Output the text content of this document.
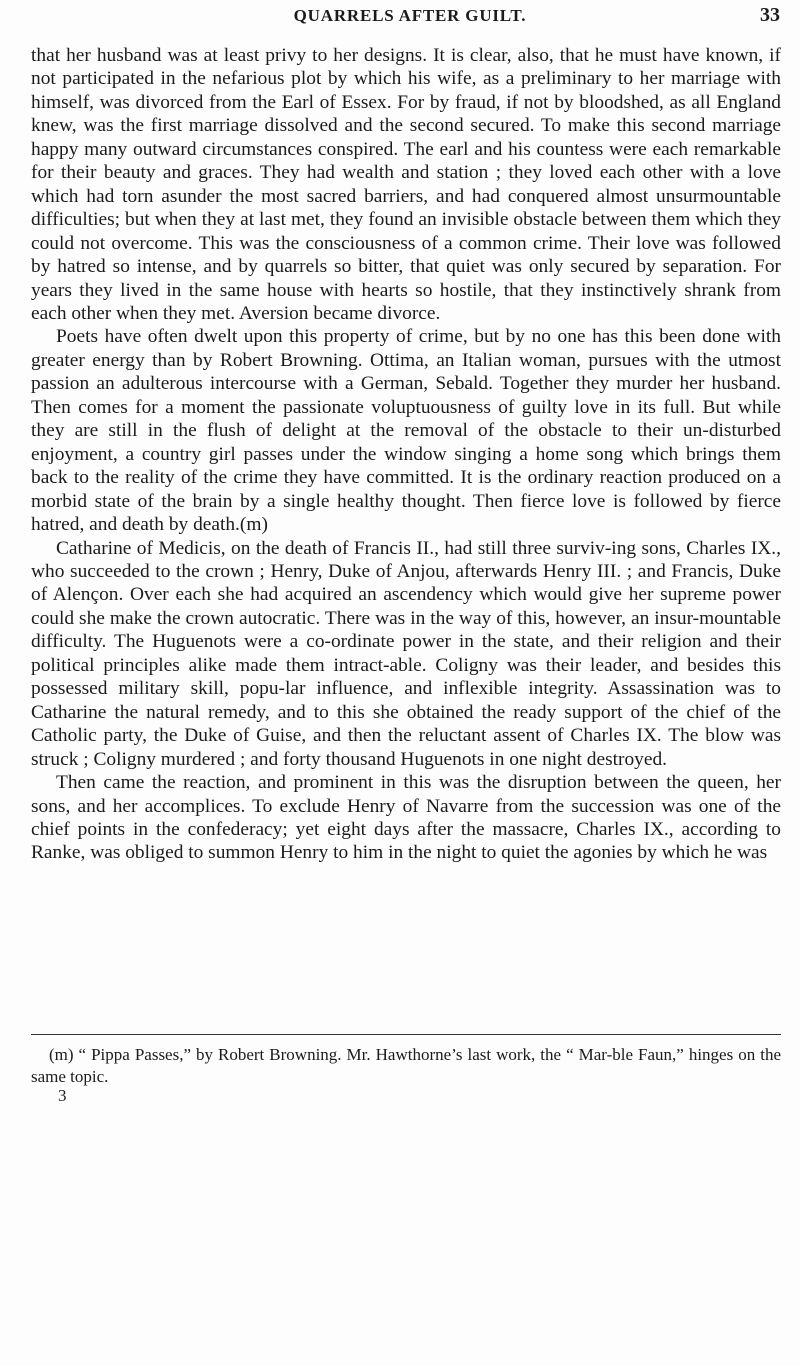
QUARRELS AFTER GUILT.	33

that her husband was at least privy to her designs. It is clear, also, that he must have known, if not participated in the nefarious plot by which his wife, as a preliminary to her marriage with himself, was divorced from the Earl of Essex. For by fraud, if not by bloodshed, as all England knew, was the first marriage dissolved and the second secured. To make this second marriage happy many outward circumstances conspired. The earl and his countess were each remarkable for their beauty and graces. They had wealth and station ; they loved each other with a love which had torn asunder the most sacred barriers, and had conquered almost unsurmountable difficulties; but when they at last met, they found an invisible obstacle between them which they could not overcome. This was the consciousness of a common crime. Their love was followed by hatred so intense, and by quarrels so bitter, that quiet was only secured by separation. For years they lived in the same house with hearts so hostile, that they instinctively shrank from each other when they met. Aversion became divorce.

Poets have often dwelt upon this property of crime, but by no one has this been done with greater energy than by Robert Browning. Ottima, an Italian woman, pursues with the utmost passion an adulterous intercourse with a German, Sebald. Together they murder her husband. Then comes for a moment the passionate voluptuousness of guilty love in its full. But while they are still in the flush of delight at the removal of the obstacle to their un-disturbed enjoyment, a country girl passes under the window singing a home song which brings them back to the reality of the crime they have committed. It is the ordinary reaction produced on a morbid state of the brain by a single healthy thought. Then fierce love is followed by fierce hatred, and death by death.(m)

Catharine of Medicis, on the death of Francis II., had still three surviv-ing sons, Charles IX., who succeeded to the crown ; Henry, Duke of Anjou, afterwards Henry III. ; and Francis, Duke of Alençon. Over each she had acquired an ascendency which would give her supreme power could she make the crown autocratic. There was in the way of this, however, an insur-mountable difficulty. The Huguenots were a co-ordinate power in the state, and their religion and their political principles alike made them intract-able. Coligny was their leader, and besides this possessed military skill, popu-lar influence, and inflexible integrity. Assassination was to Catharine the natural remedy, and to this she obtained the ready support of the chief of the Catholic party, the Duke of Guise, and then the reluctant assent of Charles IX. The blow was struck ; Coligny murdered ; and forty thousand Huguenots in one night destroyed.

Then came the reaction, and prominent in this was the disruption between the queen, her sons, and her accomplices. To exclude Henry of Navarre from the succession was one of the chief points in the confederacy; yet eight days after the massacre, Charles IX., according to Ranke, was obliged to summon Henry to him in the night to quiet the agonies by which he was

(m) “ Pippa Passes,” by Robert Browning. Mr. Hawthorne’s last work, the “ Mar-ble Faun,” hinges on the same topic.
3
